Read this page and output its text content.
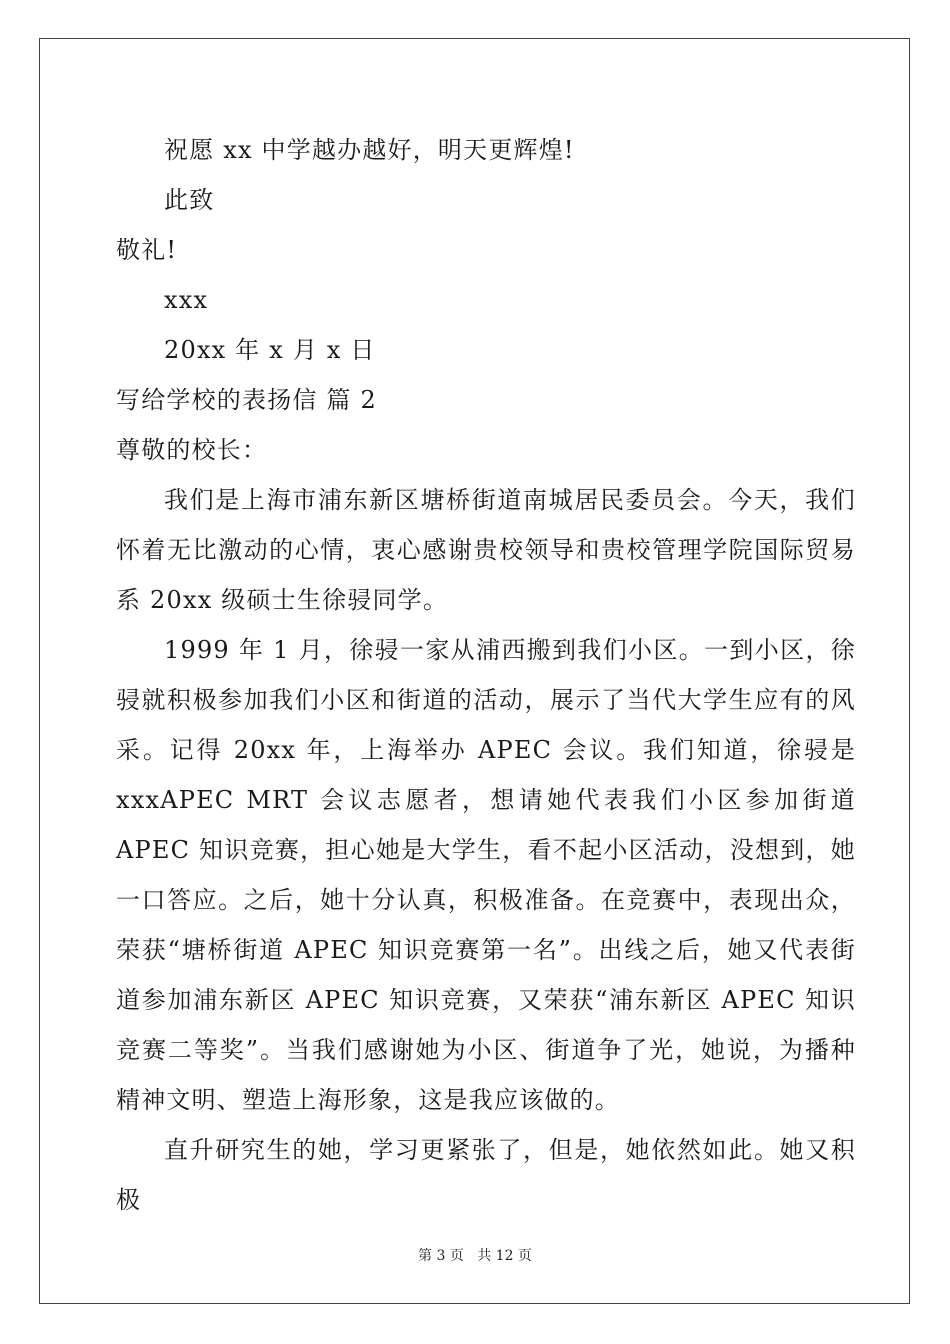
祝愿 xx 中学越办越好，明天更辉煌!

此致

敬礼!

xxx

20xx 年 x 月 x 日

写给学校的表扬信 篇 2

尊敬的校长：

我们是上海市浦东新区塘桥街道南城居民委员会。今天，我们怀着无比激动的心情，衷心感谢贵校领导和贵校管理学院国际贸易系 20xx 级硕士生徐骎同学。

1999 年 1 月，徐骎一家从浦西搬到我们小区。一到小区，徐骎就积极参加我们小区和街道的活动，展示了当代大学生应有的风采。记得 20xx 年，上海举办 APEC 会议。我们知道，徐骎是 xxxAPEC MRT 会议志愿者，想请她代表我们小区参加街道 APEC 知识竞赛，担心她是大学生，看不起小区活动，没想到，她一口答应。之后，她十分认真，积极准备。在竞赛中，表现出众，荣获“塘桥街道 APEC 知识竞赛第一名”。出线之后，她又代表街道参加浦东新区 APEC 知识竞赛，又荣获“浦东新区 APEC 知识竞赛二等奖”。当我们感谢她为小区、街道争了光，她说，为播种精神文明、塑造上海形象，这是我应该做的。

直升研究生的她，学习更紧张了，但是，她依然如此。她又积极

第 3 页 共 12 页
